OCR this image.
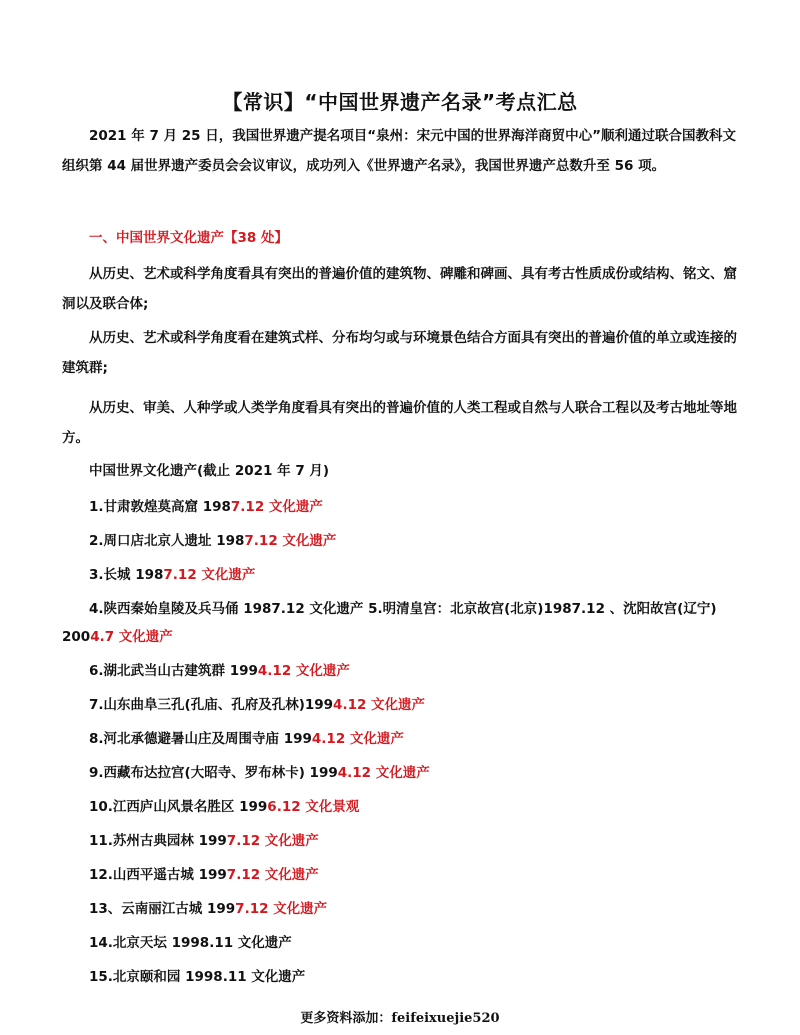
【常识】“中国世界遗产名录”考点汇总

2021 年 7 月 25 日，我国世界遗产提名项目“泉州：宋元中国的世界海洋商贸中心”顺利通过联合国教科文组织第 44 届世界遗产委员会会议审议，成功列入《世界遗产名录》，我国世界遗产总数升至 56 项。

一、中国世界文化遗产【38 处】

从历史、艺术或科学角度看具有突出的普遍价值的建筑物、碑雕和碑画、具有考古性质成份或结构、铭文、窟洞以及联合体;

从历史、艺术或科学角度看在建筑式样、分布均匀或与环境景色结合方面具有突出的普遍价值的单立或连接的建筑群;

从历史、审美、人种学或人类学角度看具有突出的普遍价值的人类工程或自然与人联合工程以及考古地址等地方。

中国世界文化遗产(截止 2021 年 7 月)
1.甘肃敦煌莫高窟 1987.12 文化遗产
2.周口店北京人遗址 1987.12 文化遗产
3.长城 1987.12 文化遗产
4.陕西秦始皇陵及兵马俑 1987.12 文化遗产 5.明清皇宫：北京故宫(北京)1987.12 、沈阳故宫(辽宁)
2004.7 文化遗产
6.湖北武当山古建筑群 1994.12 文化遗产
7.山东曲阜三孔(孔庙、孔府及孔林)1994.12 文化遗产
8.河北承德避暑山庄及周围寺庙 1994.12 文化遗产
9.西藏布达拉宫(大昭寺、罗布林卡) 1994.12 文化遗产
10.江西庐山风景名胜区 1996.12 文化景观
11.苏州古典园林 1997.12 文化遗产
12.山西平遥古城 1997.12 文化遗产
13、云南丽江古城 1997.12 文化遗产
14.北京天坛 1998.11 文化遗产
15.北京颐和园 1998.11 文化遗产
更多资料添加：feifeixuejie520
